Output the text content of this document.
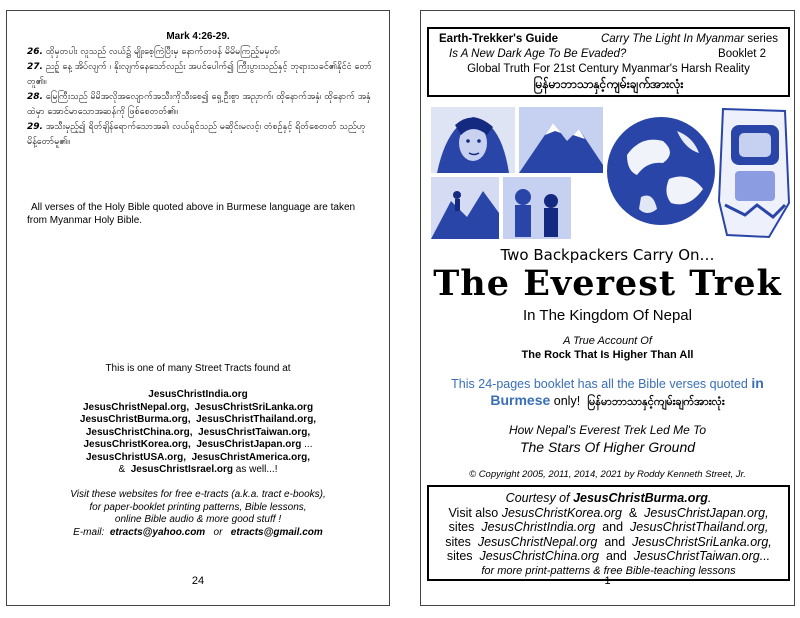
Mark 4:26-29.
26. ထိုမှတပါး လူသည် လယ်၌ မျိုးစေ့ကြဲပြီးမှ နောက်တဖန် မိမိမကြည့်မမှတ်၊
27. ညဉ့် နေ့ အိပ်လျက် ၊ နိုးလျက်နေသော်လည်း အပင်ပေါက်၍ ကြီးပွားသည်နှင့် ဘုရားသခင်၏နိုင်ငံ တော်တူ၏။
28. မြေကြီးသည် မိမိအလိုအလျောက်အသီးကိုသီးစေ၍ ရှေ့ဦးစွာ အညှာက်၊ ထိုနောက်အနှံ၊ ထိုနောက် အနှံထဲမှာ အောင်မာသောအဆန်ကို ဖြစ်စေတတ်၏။
29. အသီးမှည့်၍ ရိတ်ချိန်ရောက်သောအခါ၊ လယ်ရှင်သည် မဆိုင်းမလင့်၊ တံစဉ်နှင့် ရိတ်စေတတ် သည်ဟု မိန့်တော်မူ၏။
All verses of the Holy Bible quoted above in Burmese language are taken from Myanmar Holy Bible.
This is one of many Street Tracts found at
JesusChristIndia.org
JesusChristNepal.org, JesusChristSriLanka.org
JesusChristBurma.org, JesusChristThailand.org,
JesusChristChina.org, JesusChristTaiwan.org,
JesusChristKorea.org, JesusChristJapan.org ...
JesusChristUSA.org, JesusChristAmerica.org,
& JesusChristIsrael.org as well...!
Visit these websites for free e-tracts (a.k.a. tract e-books),
for paper-booklet printing patterns, Bible lessons,
online Bible audio & more good stuff !
E-mail: etracts@yahoo.com or etracts@gmail.com
24
Earth-Trekker's Guide	Carry The Light In Myanmar series
Is A New Dark Age To Be Evaded?	Booklet 2
Global Truth For 21st Century Myanmar's Harsh Reality
မြန်မာဘာသာနှင့်ကျမ်းချက်အားလုံး
Two Backpackers Carry On…
The Everest Trek
In The Kingdom Of Nepal
A True Account Of
The Rock That Is Higher Than All
This 24-pages booklet has all the Bible verses quoted in
Burmese only! မြန်မာဘာသာနှင့်ကျမ်းချက်အားလုံး
How Nepal's Everest Trek Led Me To
The Stars Of Higher Ground
© Copyright 2005, 2011, 2014, 2021 by Roddy Kenneth Street, Jr.
Courtesy of JesusChristBurma.org.
Visit also JesusChristKorea.org & JesusChristJapan.org,
sites JesusChristIndia.org and JesusChristThailand.org,
sites JesusChristNepal.org and JesusChristSriLanka.org,
sites JesusChristChina.org and JesusChristTaiwan.org...
for more print-patterns & free Bible-teaching lessons
1
